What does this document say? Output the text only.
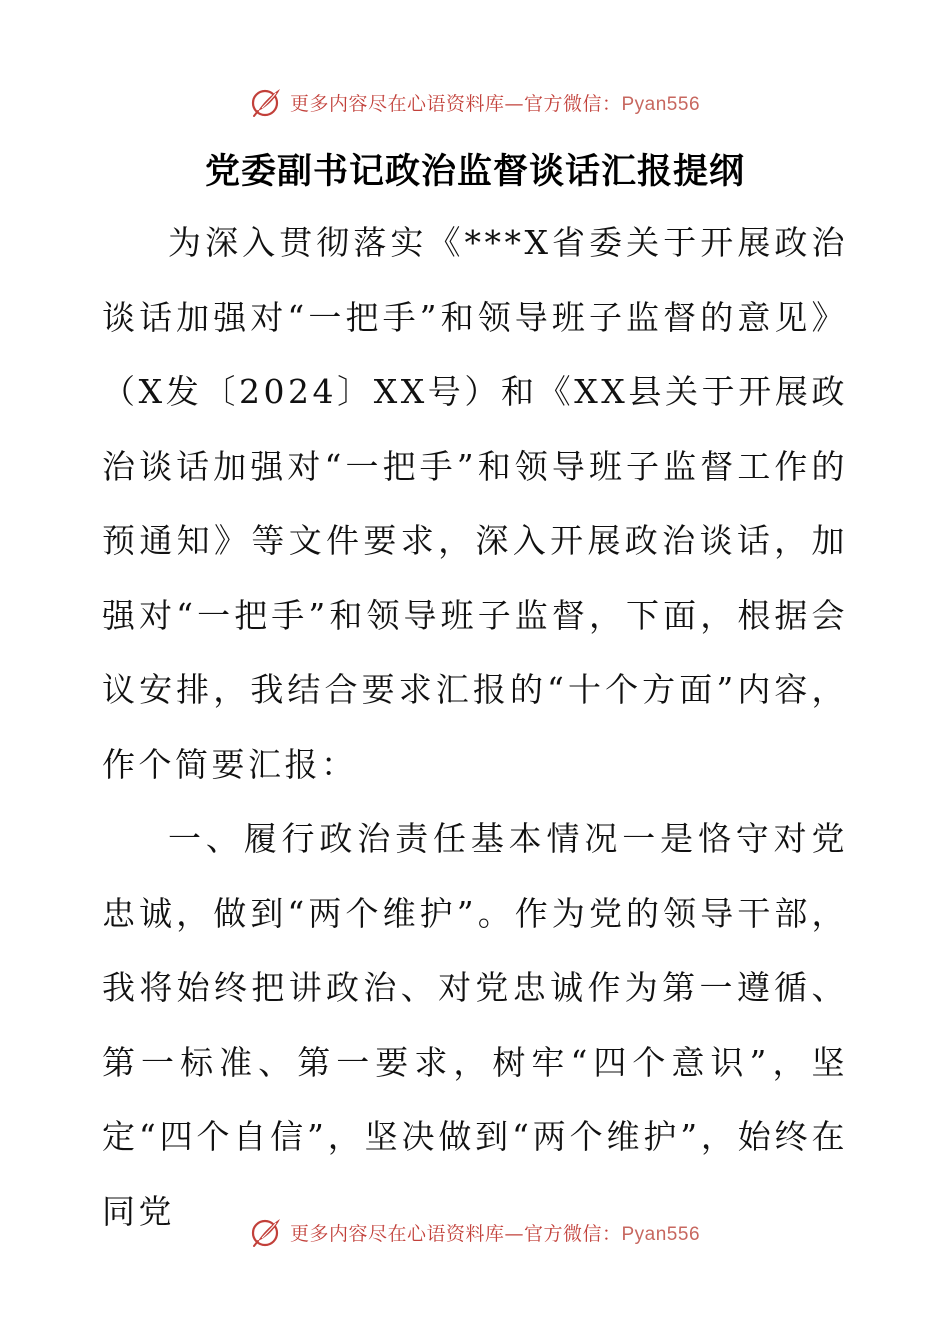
更多内容尽在心语资料库—官方微信：Pyan556
党委副书记政治监督谈话汇报提纲

为深入贯彻落实《***X省委关于开展政治谈话加强对“一把手”和领导班子监督的意见》（X发〔2024〕XX号）和《XX县关于开展政治谈话加强对“一把手”和领导班子监督工作的预通知》等文件要求，深入开展政治谈话，加强对“一把手”和领导班子监督，下面，根据会议安排，我结合要求汇报的“十个方面”内容，作个简要汇报：

一、履行政治责任基本情况一是恪守对党忠诚，做到“两个维护”。作为党的领导干部，我将始终把讲政治、对党忠诚作为第一遵循、第一标准、第一要求，树牢“四个意识”，坚定“四个自信”，坚决做到“两个维护”，始终在同党

更多内容尽在心语资料库—官方微信：Pyan556
